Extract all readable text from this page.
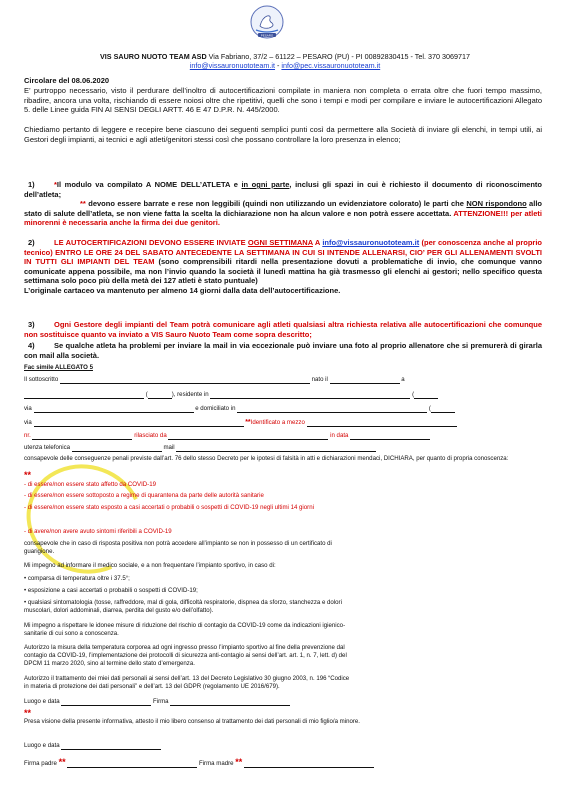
PESARO
VIS SAURO NUOTO TEAM ASD Via Fabriano, 37/2 – 61122 – PESARO (PU) - PI 00892830415 - Tel. 370 3069717
info@vissauronuototeam.it - info@pec.vissauronuototeam.it
Circolare del 08.06.2020
E’ purtroppo necessario, visto il perdurare dell’inoltro di autocertificazioni compilate in maniera non completa o errata oltre che fuori tempo massimo, ribadire, ancora una volta, rischiando di essere noiosi oltre che ripetitivi, quelli che sono i tempi e modi per compilare e inviare le autocertificazioni Allegato 5. delle Linee guida FIN AI SENSI DEGLI ARTT. 46 E 47 D.P.R. N. 445/2000.
Chiediamo pertanto di leggere e recepire bene ciascuno dei seguenti semplici punti così da permettere alla Società di inviare gli elenchi, in tempi utili, ai Gestori degli impianti, ai tecnici e agli atleti/genitori stessi così che possano controllare la loro presenza in elenco;
1)	*Il modulo va compilato A NOME DELL’ATLETA e in ogni parte, inclusi gli spazi in cui è richiesto il documento di riconoscimento dell’atleta;
** devono essere barrate e rese non leggibili (quindi non utilizzando un evidenziatore colorato) le parti che NON rispondono allo stato di salute dell’atleta, se non viene fatta la scelta la dichiarazione non ha alcun valore e non potrà essere accettata. ATTENZIONE!!! per atleti minorenni è necessaria anche la firma dei due genitori.
2)	LE AUTOCERTIFICAZIONI DEVONO ESSERE INVIATE OGNI SETTIMANA A info@vissauronuototeam.it (per conoscenza anche al proprio tecnico) ENTRO LE ORE 24 DEL SABATO ANTECEDENTE LA SETTIMANA IN CUI SI INTENDE ALLENARSI, CIO’ PER GLI ALLENAMENTI SVOLTI IN TUTTI GLI IMPIANTI DEL TEAM (sono comprensibili ritardi nella presentazione dovuti a problematiche di invio, che comunque vanno comunicate appena possibile, ma non l’invio quando la società il lunedì mattina ha già trasmesso gli elenchi ai gestori; nello specifico questa settimana solo poco più della metà dei 127 atleti è stato puntuale)
L’originale cartaceo va mantenuto per almeno 14 giorni dalla data dell’autocertificazione.
3)	Ogni Gestore degli impianti del Team potrà comunicare agli atleti qualsiasi altra richiesta relativa alle autocertificazioni che comunque non sostituisce quanto va inviato a VIS Sauro Nuoto Team come sopra descritto;
4)	Se qualche atleta ha problemi per inviare la mail in via eccezionale può inviare una foto al proprio allenatore che si premurerà di girarla con mail alla società.
Fac simile ALLEGATO 5
Il sottoscritto	nato il	a
(	), residente in	(
via	e domiciliato in	(
via	**Identificato a mezzo
nr.	rilasciato da	in data
utenza telefonica	mail
consapevole delle conseguenze penali previste dall’art. 76 dello stesso Decreto per le ipotesi di falsità in atti e dichiarazioni mendaci, DICHIARA, per quanto di propria conoscenza:
**
- di essere/non essere stato affetto da COVID-19
- di essere/non essere sottoposto a regime di quarantena da parte delle autorità sanitarie
- di essere/non essere stato esposto a casi accertati o probabili o sospetti di COVID-19 negli ultimi 14 giorni
- di avere/non avere avuto sintomi riferibili a COVID-19
consapevole che in caso di risposta positiva non potrà accedere all’impianto se non in possesso di un certificato di guarigione.
Mi impegno ad informare il medico sociale, e a non frequentare l’impianto sportivo, in caso di:
• comparsa di temperatura oltre i 37.5°;
• esposizione a casi accertati o probabili o sospetti di COVID-19;
• qualsiasi sintomatologia (tosse, raffreddore, mal di gola, difficoltà respiratorie, dispnea da sforzo, stanchezza e dolori muscolari, dolori addominali, diarrea, perdita del gusto e/o dell’olfatto).
Mi impegno a rispettare le idonee misure di riduzione del rischio di contagio da COVID-19 come da indicazioni igienico-sanitarie di cui sono a conoscenza.
Autorizzo la misura della temperatura corporea ad ogni ingresso presso l’impianto sportivo al fine della prevenzione dal contagio da COVID-19, l’implementazione dei protocolli di sicurezza anti-contagio ai sensi dell’art. art. 1, n. 7, lett. d) del DPCM 11 marzo 2020, sino al termine dello stato d’emergenza.
Autorizzo il trattamento dei miei dati personali ai sensi dell’art. 13 del Decreto Legislativo 30 giugno 2003, n. 196 “Codice in materia di protezione dei dati personali” e dell’art. 13 del GDPR (regolamento UE 2016/679).
Luogo e data	Firma
**
Presa visione della presente informativa, attesto il mio libero consenso al trattamento dei dati personali di mio figlio/a minore.
Luogo e data
Firma padre **	Firma madre **
